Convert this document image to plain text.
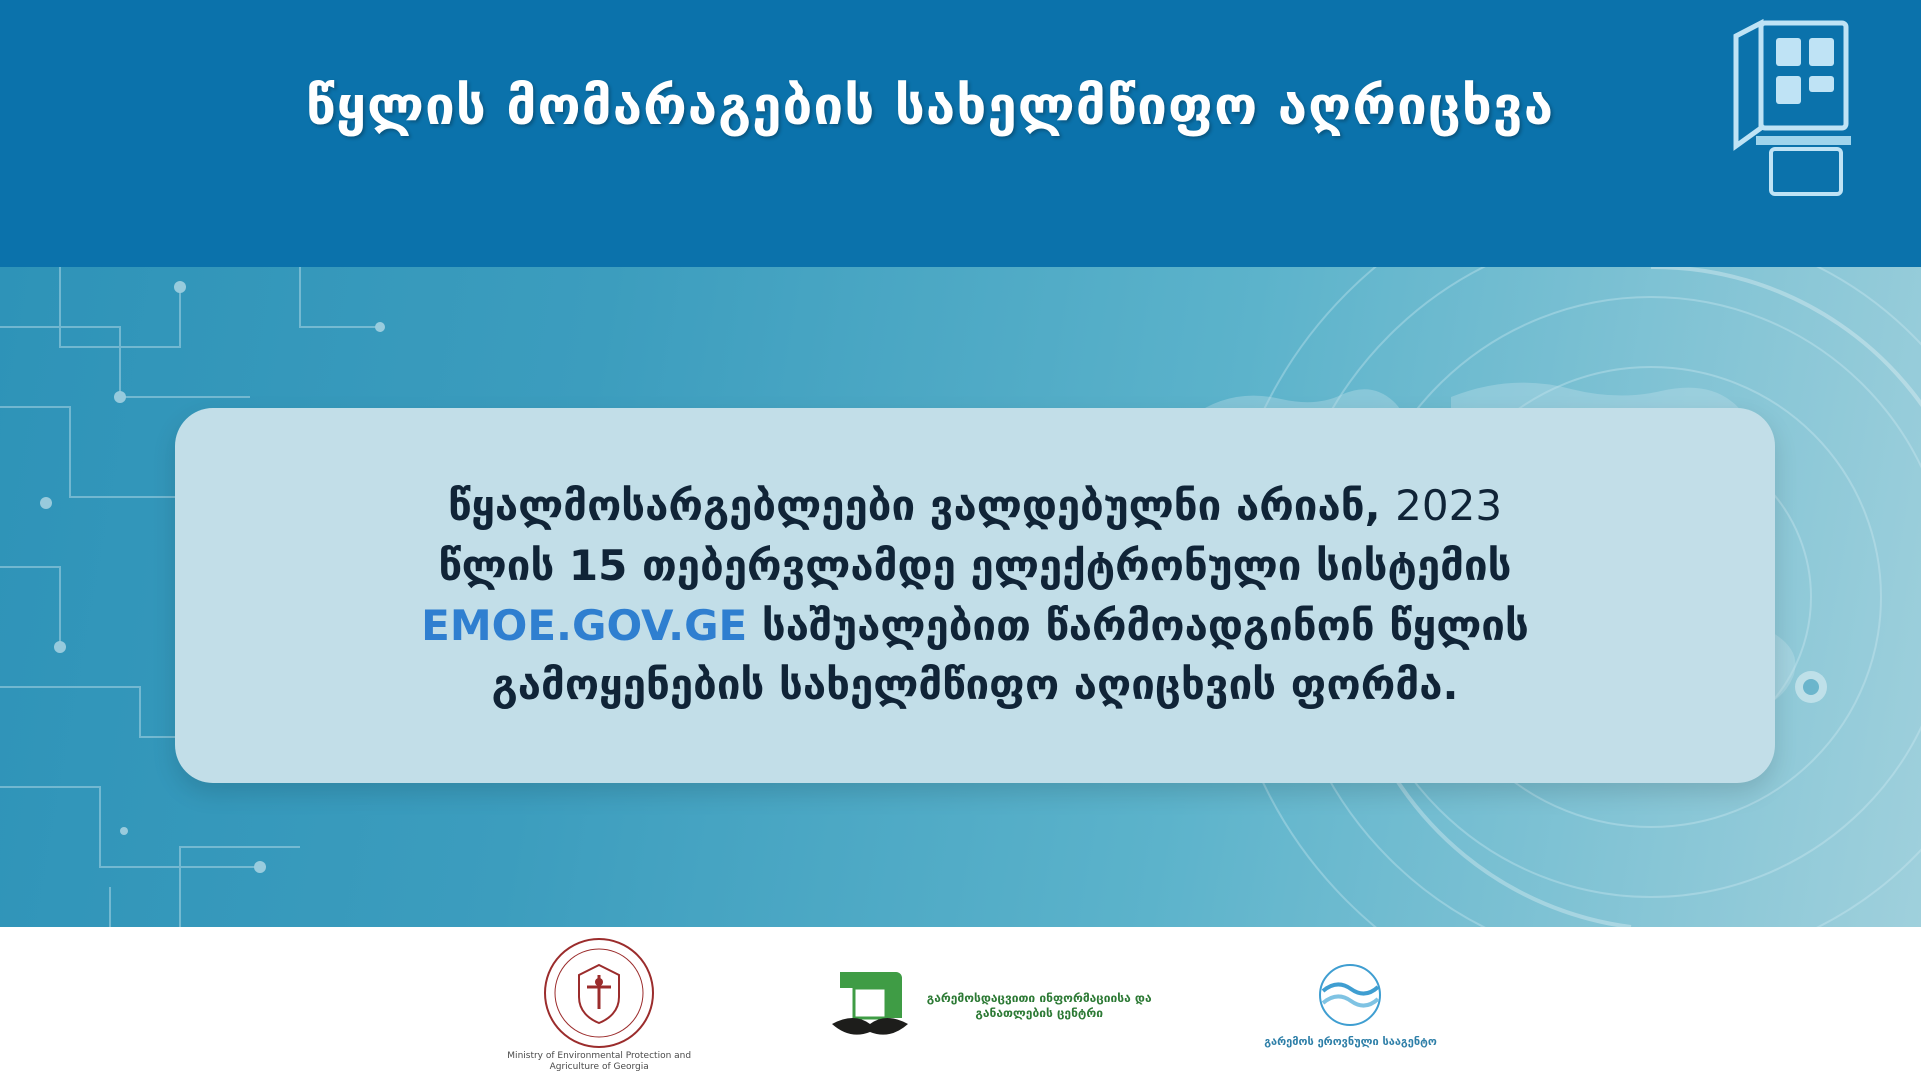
წყლის მომარაგების სახელმწიფო აღრიცხვა
წყალმოსარგებლეები ვალდებულნი არიან, 2023
წლის 15 თებერვლამდე ელექტრონული სისტემის
EMOE.GOV.GE საშუალებით წარმოადგინონ წყლის
გამოყენების სახელმწიფო აღიცხვის ფორმა.
Ministry of Environmental Protection and Agriculture of Georgia
გარემოსდაცვითი ინფორმაციისა და განათლების ცენტრი
გარემოს ეროვნული სააგენტო
